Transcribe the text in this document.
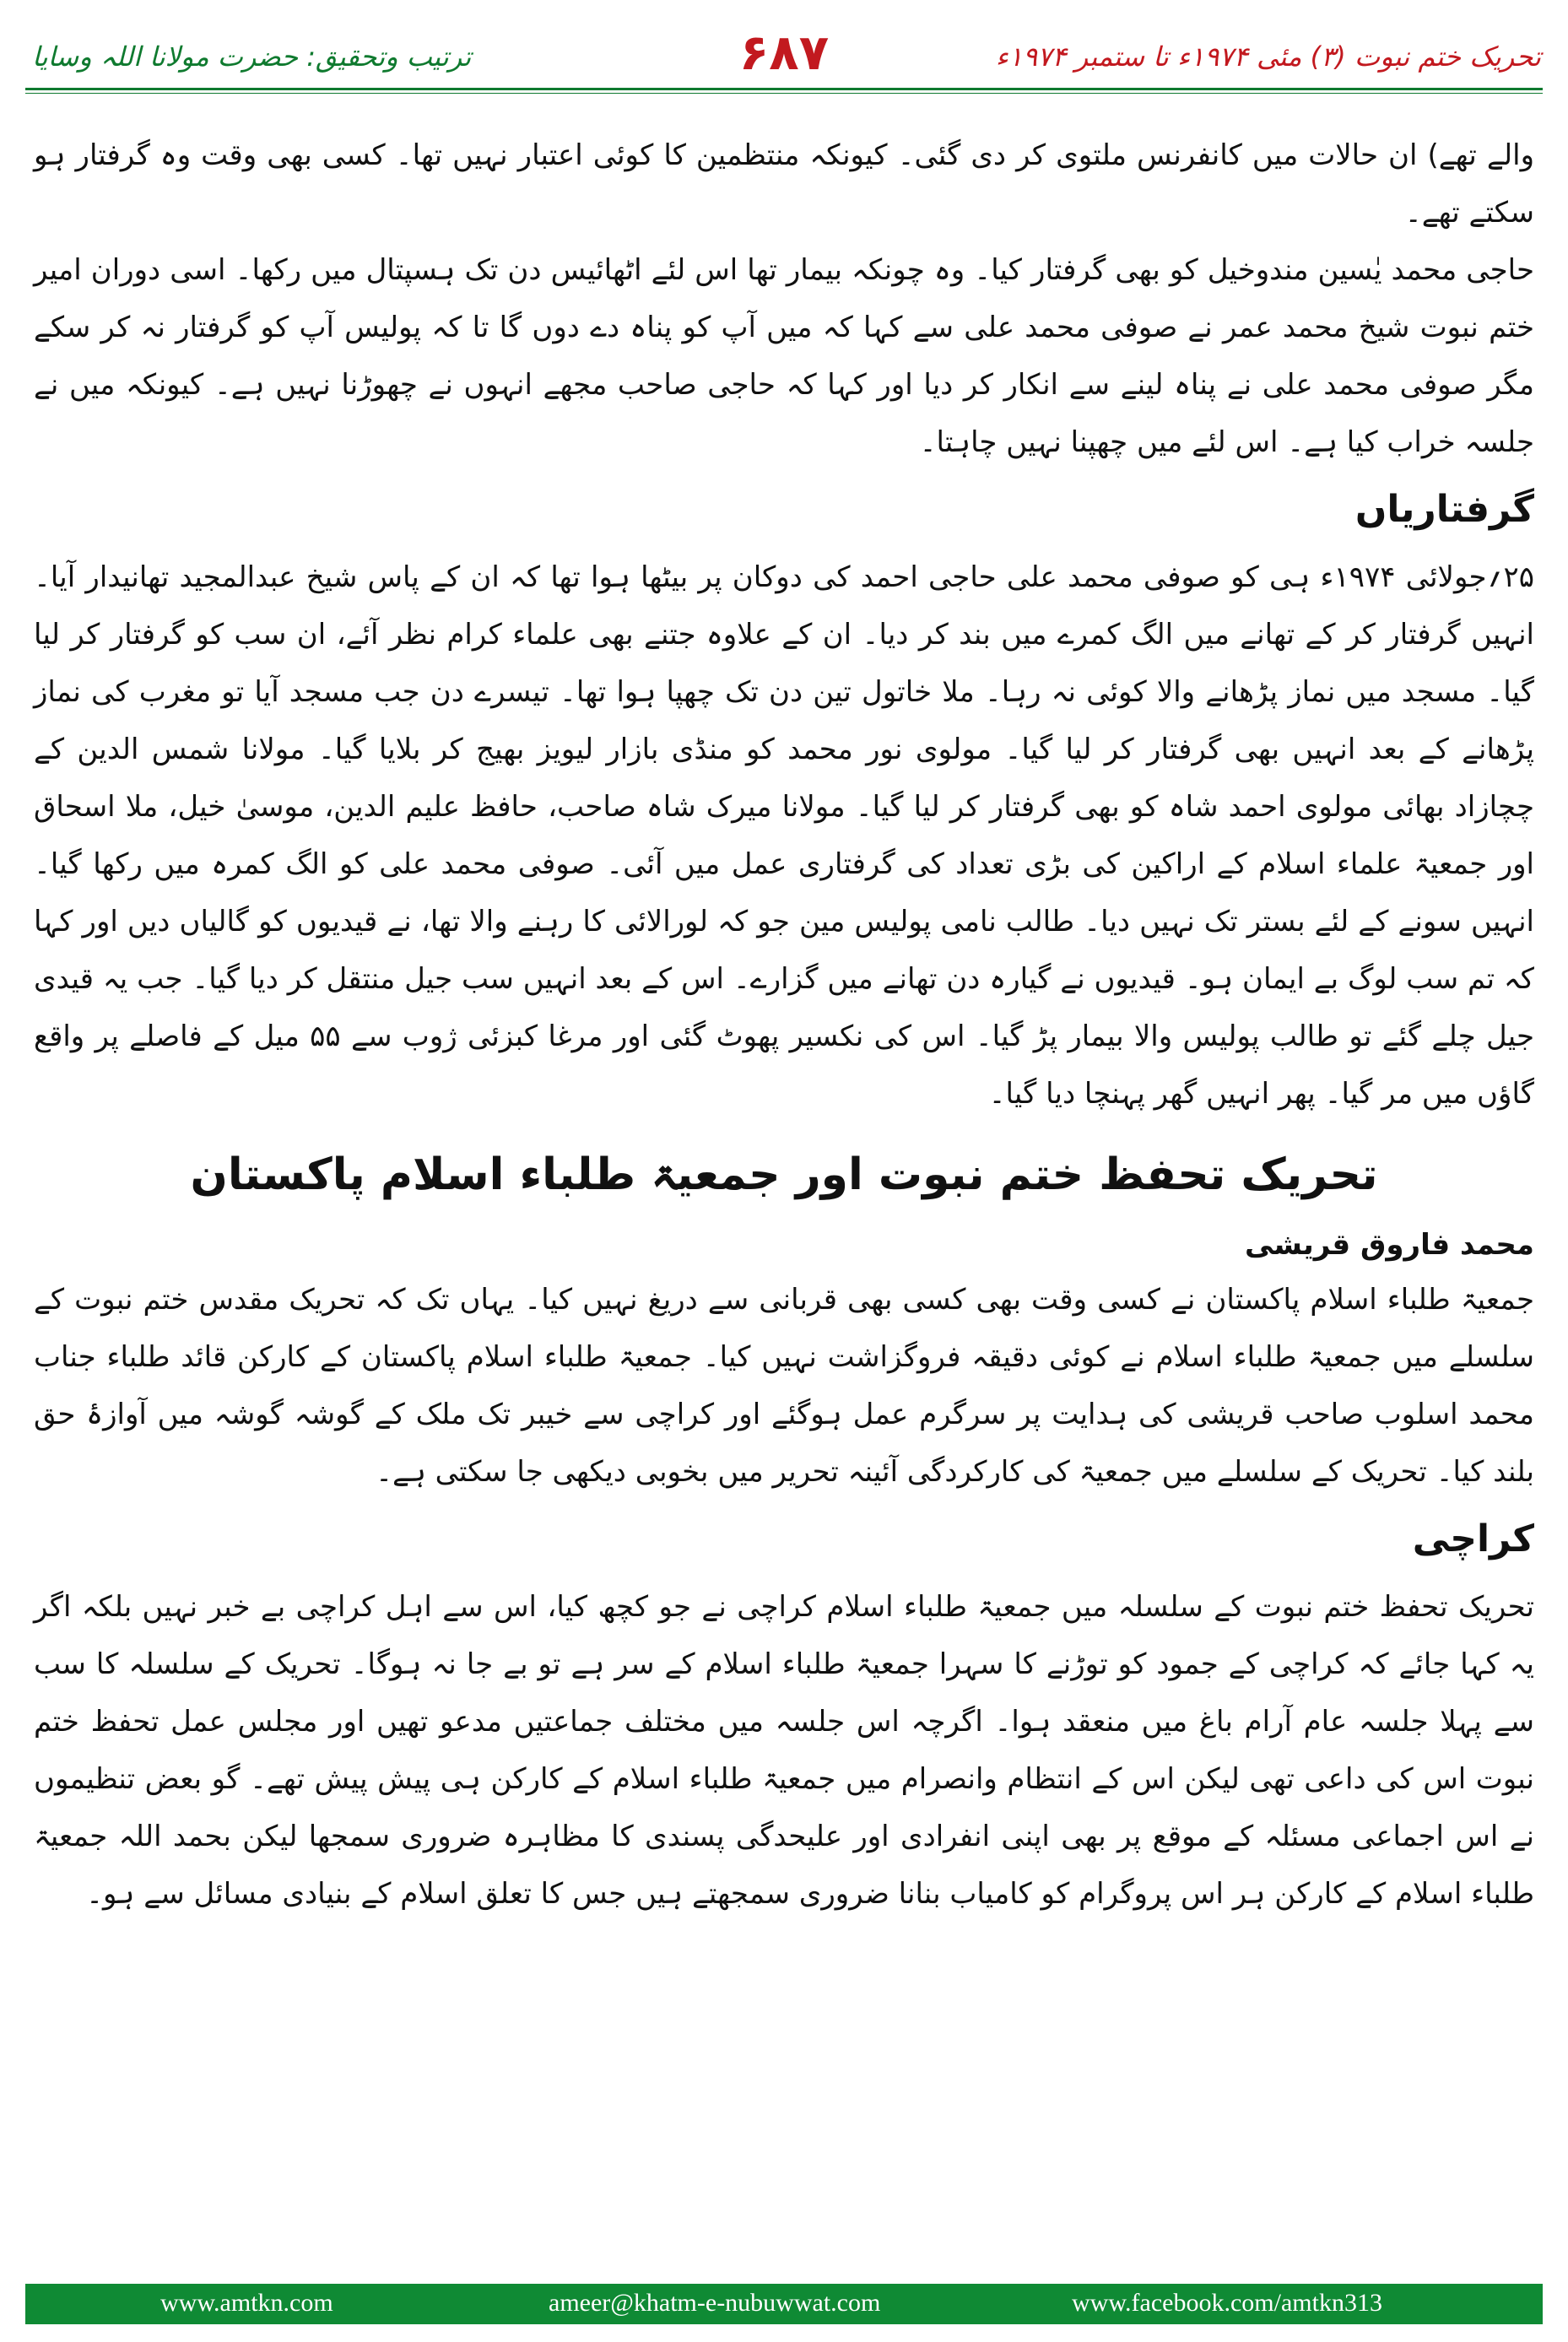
ترتیب وتحقیق: حضرت مولانا اللہ وسایا	۶۸۷	تحریک ختم نبوت (۳) مئی ۱۹۷۴ء تا ستمبر ۱۹۷۴ء

والے تھے) ان حالات میں کانفرنس ملتوی کر دی گئی۔ کیونکہ منتظمین کا کوئی اعتبار نہیں تھا۔ کسی بھی وقت وہ گرفتار ہو سکتے تھے۔

حاجی محمد یٰسین مندوخیل کو بھی گرفتار کیا۔ وہ چونکہ بیمار تھا اس لئے اٹھائیس دن تک ہسپتال میں رکھا۔ اسی دوران امیر ختم نبوت شیخ محمد عمر نے صوفی محمد علی سے کہا کہ میں آپ کو پناہ دے دوں گا تا کہ پولیس آپ کو گرفتار نہ کر سکے مگر صوفی محمد علی نے پناہ لینے سے انکار کر دیا اور کہا کہ حاجی صاحب مجھے انہوں نے چھوڑنا نہیں ہے۔ کیونکہ میں نے جلسہ خراب کیا ہے۔ اس لئے میں چھپنا نہیں چاہتا۔

گرفتاریاں

۲۵؍جولائی ۱۹۷۴ء ہی کو صوفی محمد علی حاجی احمد کی دوکان پر بیٹھا ہوا تھا کہ ان کے پاس شیخ عبدالمجید تھانیدار آیا۔ انہیں گرفتار کر کے تھانے میں الگ کمرے میں بند کر دیا۔ ان کے علاوہ جتنے بھی علماء کرام نظر آئے، ان سب کو گرفتار کر لیا گیا۔ مسجد میں نماز پڑھانے والا کوئی نہ رہا۔ ملا خاتول تین دن تک چھپا ہوا تھا۔ تیسرے دن جب مسجد آیا تو مغرب کی نماز پڑھانے کے بعد انہیں بھی گرفتار کر لیا گیا۔ مولوی نور محمد کو منڈی بازار لیویز بھیج کر بلایا گیا۔ مولانا شمس الدین کے چچازاد بھائی مولوی احمد شاہ کو بھی گرفتار کر لیا گیا۔ مولانا میرک شاہ صاحب، حافظ علیم الدین، موسیٰ خیل، ملا اسحاق اور جمعیۃ علماء اسلام کے اراکین کی بڑی تعداد کی گرفتاری عمل میں آئی۔ صوفی محمد علی کو الگ کمرہ میں رکھا گیا۔ انہیں سونے کے لئے بستر تک نہیں دیا۔ طالب نامی پولیس مین جو کہ لورالائی کا رہنے والا تھا، نے قیدیوں کو گالیاں دیں اور کہا کہ تم سب لوگ بے ایمان ہو۔ قیدیوں نے گیارہ دن تھانے میں گزارے۔ اس کے بعد انہیں سب جیل منتقل کر دیا گیا۔ جب یہ قیدی جیل چلے گئے تو طالب پولیس والا بیمار پڑ گیا۔ اس کی نکسیر پھوٹ گئی اور مرغا کبزئی ژوب سے ۵۵ میل کے فاصلے پر واقع گاؤں میں مر گیا۔ پھر انہیں گھر پہنچا دیا گیا۔

تحریک تحفظ ختم نبوت اور جمعیۃ طلباء اسلام پاکستان

محمد فاروق قریشی

جمعیۃ طلباء اسلام پاکستان نے کسی وقت بھی کسی بھی قربانی سے دریغ نہیں کیا۔ یہاں تک کہ تحریک مقدس ختم نبوت کے سلسلے میں جمعیۃ طلباء اسلام نے کوئی دقیقہ فروگزاشت نہیں کیا۔ جمعیۃ طلباء اسلام پاکستان کے کارکن قائد طلباء جناب محمد اسلوب صاحب قریشی کی ہدایت پر سرگرم عمل ہوگئے اور کراچی سے خیبر تک ملک کے گوشہ گوشہ میں آوازۂ حق بلند کیا۔ تحریک کے سلسلے میں جمعیۃ کی کارکردگی آئینہ تحریر میں بخوبی دیکھی جا سکتی ہے۔

کراچی

تحریک تحفظ ختم نبوت کے سلسلہ میں جمعیۃ طلباء اسلام کراچی نے جو کچھ کیا، اس سے اہل کراچی بے خبر نہیں بلکہ اگر یہ کہا جائے کہ کراچی کے جمود کو توڑنے کا سہرا جمعیۃ طلباء اسلام کے سر ہے تو بے جا نہ ہوگا۔ تحریک کے سلسلہ کا سب سے پہلا جلسہ عام آرام باغ میں منعقد ہوا۔ اگرچہ اس جلسہ میں مختلف جماعتیں مدعو تھیں اور مجلس عمل تحفظ ختم نبوت اس کی داعی تھی لیکن اس کے انتظام وانصرام میں جمعیۃ طلباء اسلام کے کارکن ہی پیش پیش تھے۔ گو بعض تنظیموں نے اس اجماعی مسئلہ کے موقع پر بھی اپنی انفرادی اور علیحدگی پسندی کا مظاہرہ ضروری سمجھا لیکن بحمد اللہ جمعیۃ طلباء اسلام کے کارکن ہر اس پروگرام کو کامیاب بنانا ضروری سمجھتے ہیں جس کا تعلق اسلام کے بنیادی مسائل سے ہو۔

www.amtkn.com	ameer@khatm-e-nubuwwat.com	www.facebook.com/amtkn313
